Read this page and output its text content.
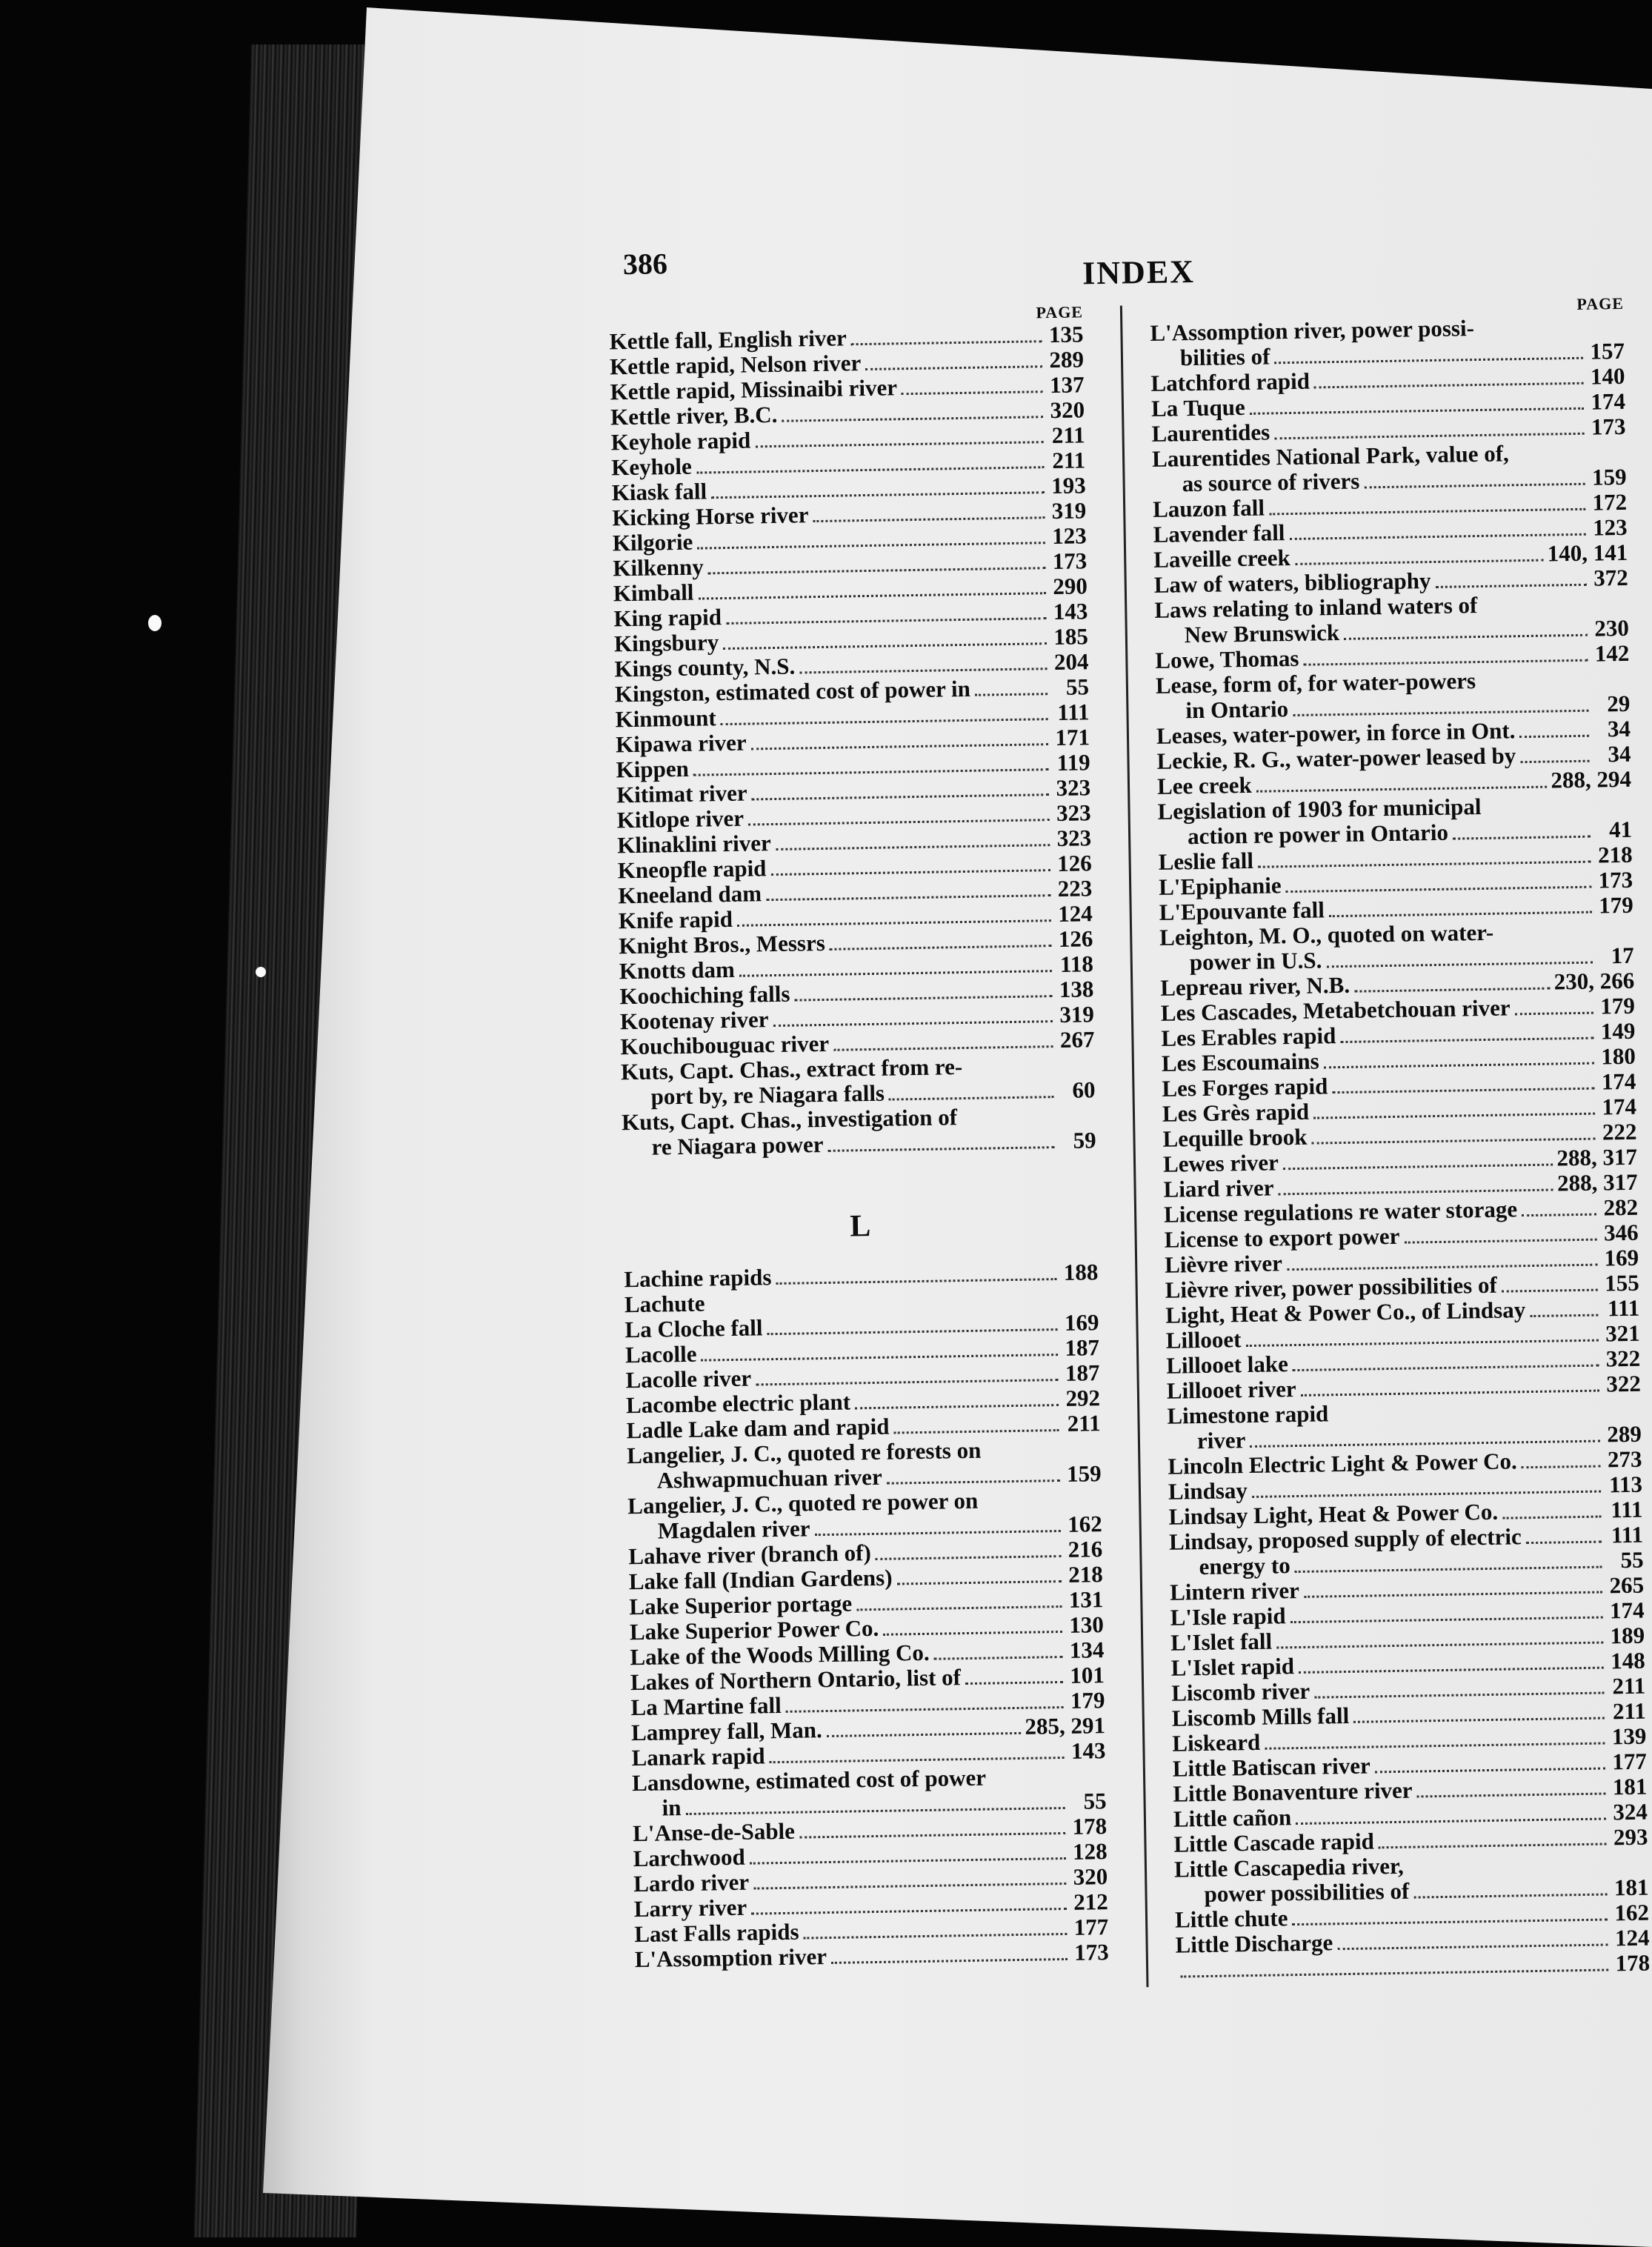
386	INDEX
PAGE
Kettle fall, English river	135
Kettle rapid, Nelson river	289
Kettle rapid, Missinaibi river	137
Kettle river, B.C.	320
Keyhole rapid	211
Keyhole	211
Kiask fall	193
Kicking Horse river	319
Kilgorie	123
Kilkenny	173
Kimball	290
King rapid	143
Kingsbury	185
Kings county, N.S.	204
Kingston, estimated cost of power in	55
Kinmount	111
Kipawa river	171
Kippen	119
Kitimat river	323
Kitlope river	323
Klinaklini river	323
Kneopfle rapid	126
Kneeland dam	223
Knife rapid	124
Knight Bros., Messrs	126
Knotts dam	118
Koochiching falls	138
Kootenay river	319
Kouchibouguac river	267
Kuts, Capt. Chas., extract from re-
port by, re Niagara falls	60
Kuts, Capt. Chas., investigation of
re Niagara power	59
L
Lachine rapids	188
Lachute
La Cloche fall	169
Lacolle	187
Lacolle river	187
Lacombe electric plant	292
Ladle Lake dam and rapid	211
Langelier, J. C., quoted re forests on
Ashwapmuchuan river	159
Langelier, J. C., quoted re power on
Magdalen river	162
Lahave river (branch of)	216
Lake fall (Indian Gardens)	218
Lake Superior portage	131
Lake Superior Power Co.	130
Lake of the Woods Milling Co.	134
Lakes of Northern Ontario, list of	101
La Martine fall	179
Lamprey fall, Man.	285, 291
Lanark rapid	143
Lansdowne, estimated cost of power
in	55
L'Anse-de-Sable	178
Larchwood	128
Lardo river	320
Larry river	212
Last Falls rapids	177
L'Assomption river	173
PAGE
L'Assomption river, power possi-
bilities of	157
Latchford rapid	140
La Tuque	174
Laurentides	173
Laurentides National Park, value of,
as source of rivers	159
Lauzon fall	172
Lavender fall	123
Laveille creek	140, 141
Law of waters, bibliography	372
Laws relating to inland waters of
New Brunswick	230
Lowe, Thomas	142
Lease, form of, for water-powers
in Ontario	29
Leases, water-power, in force in Ont.	34
Leckie, R. G., water-power leased by	34
Lee creek	288, 294
Legislation of 1903 for municipal
action re power in Ontario	41
Leslie fall	218
L'Epiphanie	173
L'Epouvante fall	179
Leighton, M. O., quoted on water-
power in U.S.	17
Lepreau river, N.B.	230, 266
Les Cascades, Metabetchouan river	179
Les Erables rapid	149
Les Escoumains	180
Les Forges rapid	174
Les Grès rapid	174
Lequille brook	222
Lewes river	288, 317
Liard river	288, 317
License regulations re water storage	282
License to export power	346
Lièvre river	169
Lièvre river, power possibilities of	155
Light, Heat & Power Co., of Lindsay	111
Lillooet	321
Lillooet lake	322
Lillooet river	322
Limestone rapid
river	289
Lincoln Electric Light & Power Co.	273
Lindsay	113
Lindsay Light, Heat & Power Co.	111
Lindsay, proposed supply of electric	111
energy to	55
Lintern river	265
L'Isle rapid	174
L'Islet fall	189
L'Islet rapid	148
Liscomb river	211
Liscomb Mills fall	211
Liskeard	139
Little Batiscan river	177
Little Bonaventure river	181
Little cañon	324
Little Cascade rapid	293
Little Cascapedia river,
power possibilities of	181
Little chute	162
Little Discharge	124
178
